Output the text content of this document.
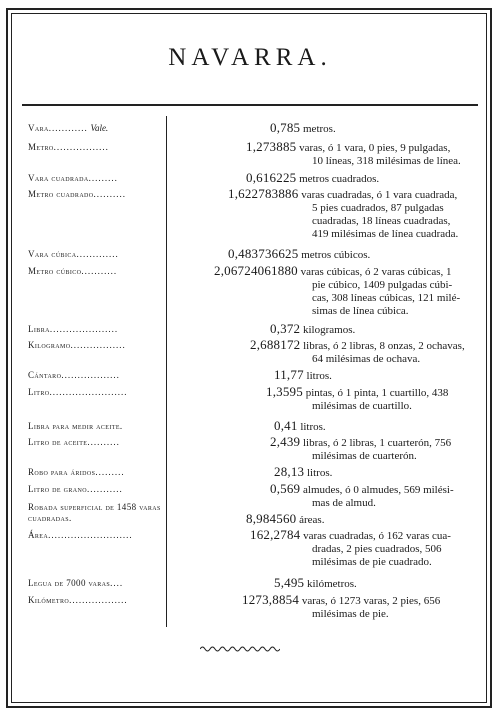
NAVARRA.
Vara............ Vale.	0,785 metros.
Metro.................	1,273885 varas, ó 1 vara, 0 pies, 9 pulgadas,
10 líneas, 318 milésimas de línea.
Vara cuadrada.........	0,616225 metros cuadrados.
Metro cuadrado..........	1,622783886 varas cuadradas, ó 1 vara cuadrada,
5 pies cuadrados, 87 pulgadas
cuadradas, 18 líneas cuadradas,
419 milésimas de línea cuadrada.
Vara cúbica.............	0,483736625 metros cúbicos.
Metro cúbico...........	2,06724061880 varas cúbicas, ó 2 varas cúbicas, 1
pie cúbico, 1409 pulgadas cúbi-
cas, 308 líneas cúbicas, 121 milé-
simas de línea cúbica.
Libra.....................	0,372 kilogramos.
Kilogramo.................	2,688172 libras, ó 2 libras, 8 onzas, 2 ochavas,
64 milésimas de ochava.
Cántaro..................	11,77 litros.
Litro........................	1,3595 pintas, ó 1 pinta, 1 cuartillo, 438
milésimas de cuartillo.
Libra para medir aceite.	0,41 litros.
Litro de aceite..........	2,439 libras, ó 2 libras, 1 cuarterón, 756
milésimas de cuarterón.
Robo para áridos.........	28,13 litros.
Litro de grano...........	0,569 almudes, ó 0 almudes, 569 milési-
mas de almud.
Robada superficial de 1458 varas cuadradas.	8,984560 áreas.
Área..........................	162,2784 varas cuadradas, ó 162 varas cua-
dradas, 2 pies cuadrados, 506
milésimas de pie cuadrado.
Legua de 7000 varas....	5,495 kilómetros.
Kilómetro..................	1273,8854 varas, ó 1273 varas, 2 pies, 656
milésimas de pie.
